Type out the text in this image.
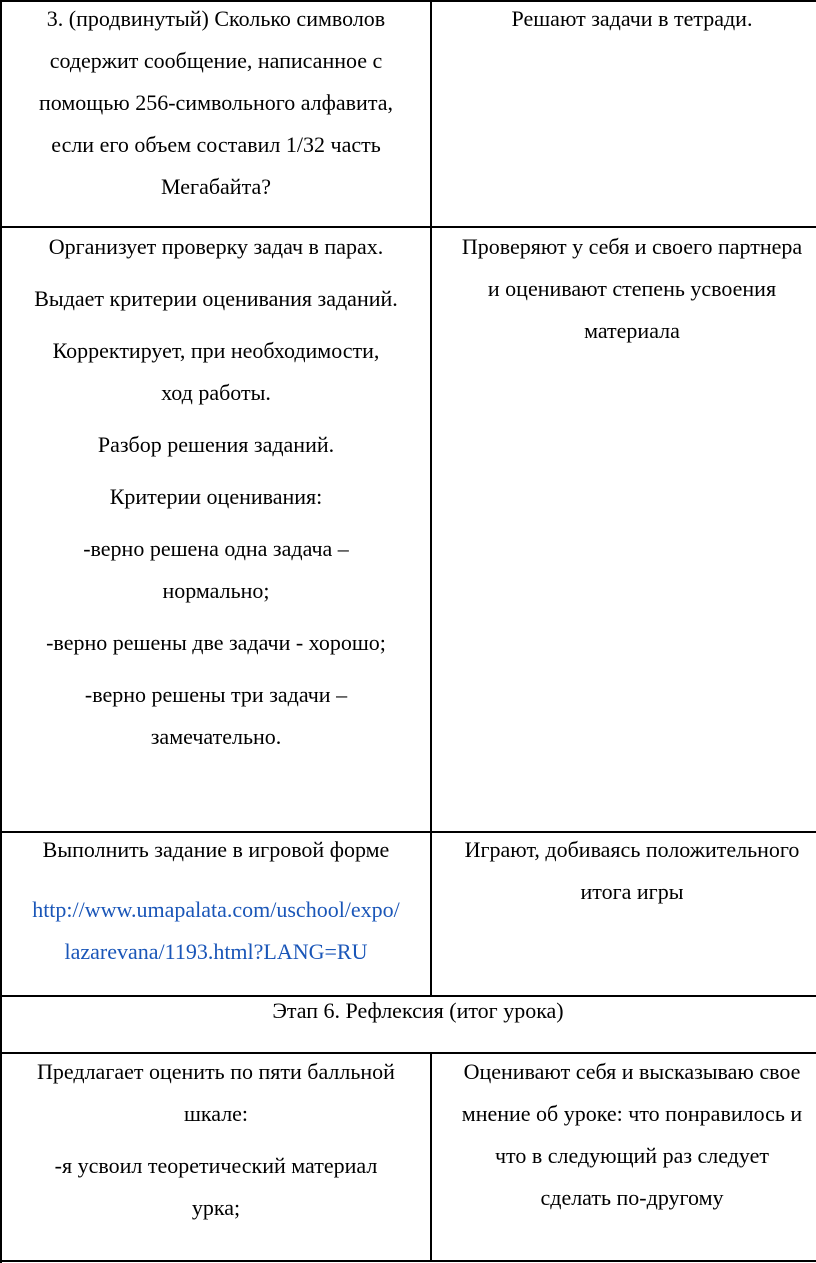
3. (продвинутый) Сколько символов

содержит сообщение, написанное с

помощью 256-символьного алфавита,

если его объем составил 1/32 часть

Мегабайта?

Решают задачи в тетради.

Организует проверку задач в парах.

Выдает критерии оценивания заданий.

Корректирует, при необходимости,

ход работы.

Разбор решения заданий.

Критерии оценивания:

-верно решена одна задача –

нормально;

-верно решены две задачи - хорошо;

-верно решены три задачи –

замечательно.

Проверяют у себя и своего партнера

и оценивают степень усвоения

материала

Выполнить задание в игровой форме

http://www.umapalata.com/uschool/expo/

lazarevana/1193.html?LANG=RU

Играют, добиваясь положительного

итога игры

Этап 6. Рефлексия (итог урока)

Предлагает оценить по пяти балльной

шкале:

-я усвоил теоретический материал

урка;

Оценивают себя и высказываю свое

мнение об уроке: что понравилось и

что в следующий раз следует

сделать по-другому
